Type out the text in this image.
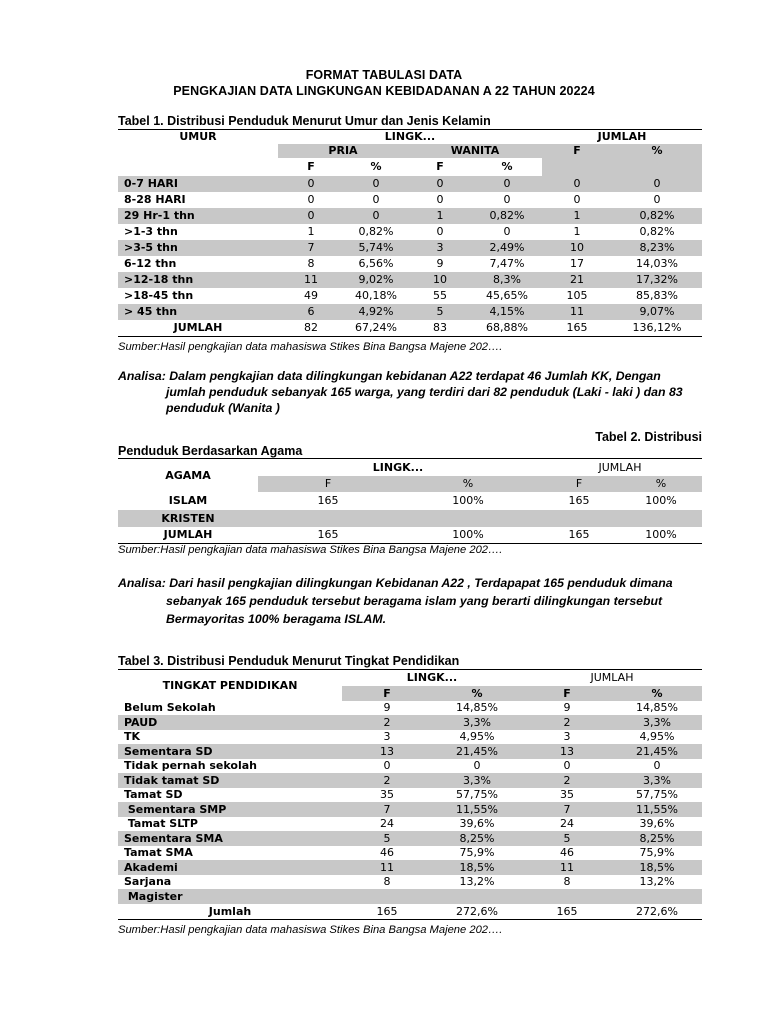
FORMAT TABULASI DATA
PENGKAJIAN DATA LINGKUNGAN KEBIDADANAN A 22 TAHUN 20224
Tabel 1. Distribusi Penduduk Menurut Umur dan Jenis Kelamin
UMUR	LINGK...				JUMLAH	
	PRIA		WANITA		F	%
	F	%	F	%		
0-7 HARI	0	0	0	0	0	0
8-28 HARI	0	0	0	0	0	0
29 Hr-1 thn	0	0	1	0,82%	1	0,82%
>1-3 thn	1	0,82%	0	0	1	0,82%
>3-5 thn	7	5,74%	3	2,49%	10	8,23%
6-12 thn	8	6,56%	9	7,47%	17	14,03%
>12-18 thn	11	9,02%	10	8,3%	21	17,32%
>18-45 thn	49	40,18%	55	45,65%	105	85,83%
> 45 thn	6	4,92%	5	4,15%	11	9,07%
JUMLAH	82	67,24%	83	68,88%	165	136,12%
Sumber:Hasil pengkajian data mahasiswa Stikes Bina Bangsa Majene 202….
Analisa: Dalam pengkajian data dilingkungan kebidanan A22 terdapat 46 Jumlah KK, Dengan
jumlah penduduk sebanyak 165 warga, yang terdiri dari 82 penduduk (Laki - laki ) dan 83
penduduk (Wanita )
Tabel 2. Distribusi
Penduduk Berdasarkan Agama
AGAMA	LINGK...		JUMLAH	
	F	%	F	%
ISLAM	165	100%	165	100%
KRISTEN				
JUMLAH	165	100%	165	100%
Sumber:Hasil pengkajian data mahasiswa Stikes Bina Bangsa Majene 202….
Analisa: Dari hasil pengkajian dilingkungan Kebidanan A22 , Terdapapat 165 penduduk dimana
sebanyak 165 penduduk tersebut beragama islam yang berarti dilingkungan tersebut
Bermayoritas 100% beragama ISLAM.
Tabel 3. Distribusi Penduduk Menurut Tingkat Pendidikan
TINGKAT PENDIDIKAN	LINGK...		JUMLAH	
	F	%	F	%
Belum Sekolah	9	14,85%	9	14,85%
PAUD	2	3,3%	2	3,3%
TK	3	4,95%	3	4,95%
Sementara SD	13	21,45%	13	21,45%
Tidak pernah sekolah	0	0	0	0
Tidak tamat SD	2	3,3%	2	3,3%
Tamat SD	35	57,75%	35	57,75%
Sementara SMP	7	11,55%	7	11,55%
Tamat SLTP	24	39,6%	24	39,6%
Sementara SMA	5	8,25%	5	8,25%
Tamat SMA	46	75,9%	46	75,9%
Akademi	11	18,5%	11	18,5%
Sarjana	8	13,2%	8	13,2%
Magister				
Jumlah	165	272,6%	165	272,6%
Sumber:Hasil pengkajian data mahasiswa Stikes Bina Bangsa Majene 202….
